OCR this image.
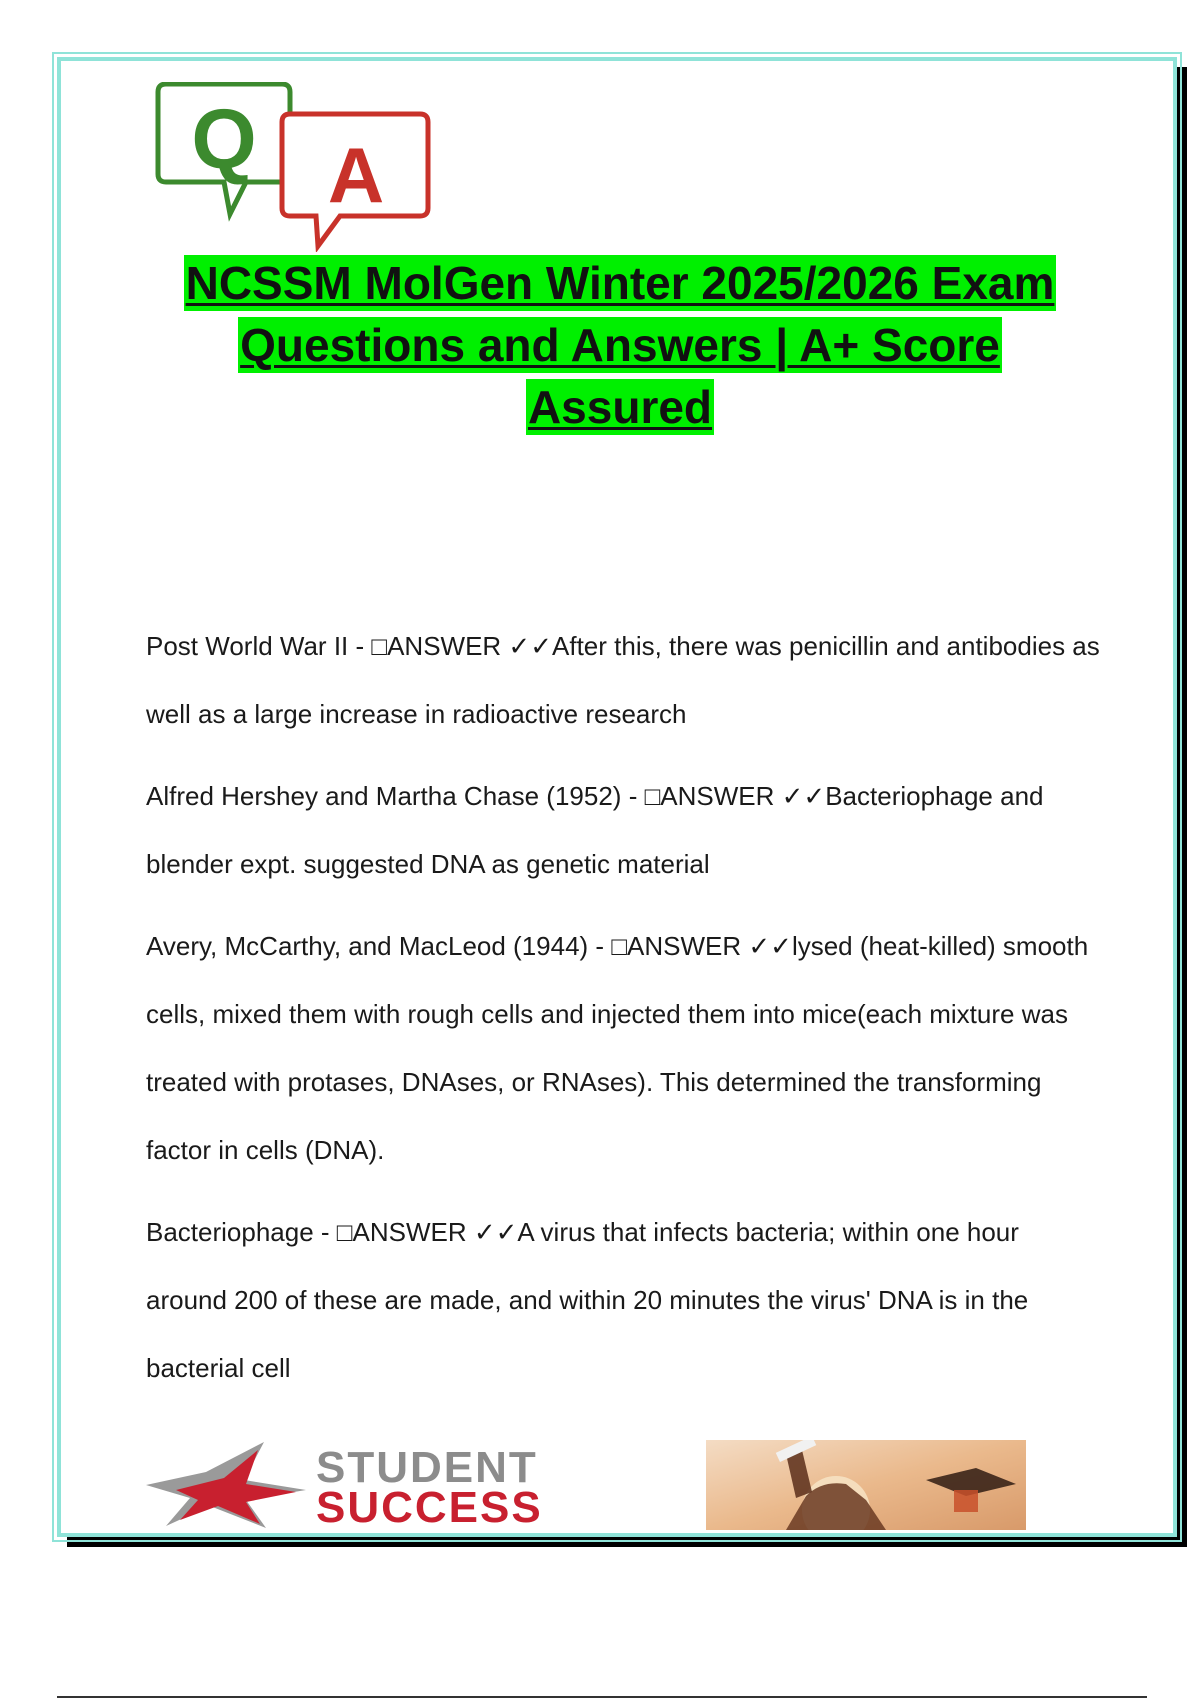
Q A
NCSSM MolGen Winter 2025/2026 Exam
Questions and Answers | A+ Score
Assured

Post World War II - □ANSWER ✓✓After this, there was penicillin and antibodies as well as a large increase in radioactive research

Alfred Hershey and Martha Chase (1952) - □ANSWER ✓✓Bacteriophage and blender expt. suggested DNA as genetic material

Avery, McCarthy, and MacLeod (1944) - □ANSWER ✓✓lysed (heat-killed) smooth cells, mixed them with rough cells and injected them into mice(each mixture was treated with protases, DNAses, or RNAses). This determined the transforming factor in cells (DNA).

Bacteriophage - □ANSWER ✓✓A virus that infects bacteria; within one hour around 200 of these are made, and within 20 minutes the virus' DNA is in the bacterial cell

STUDENT
SUCCESS
